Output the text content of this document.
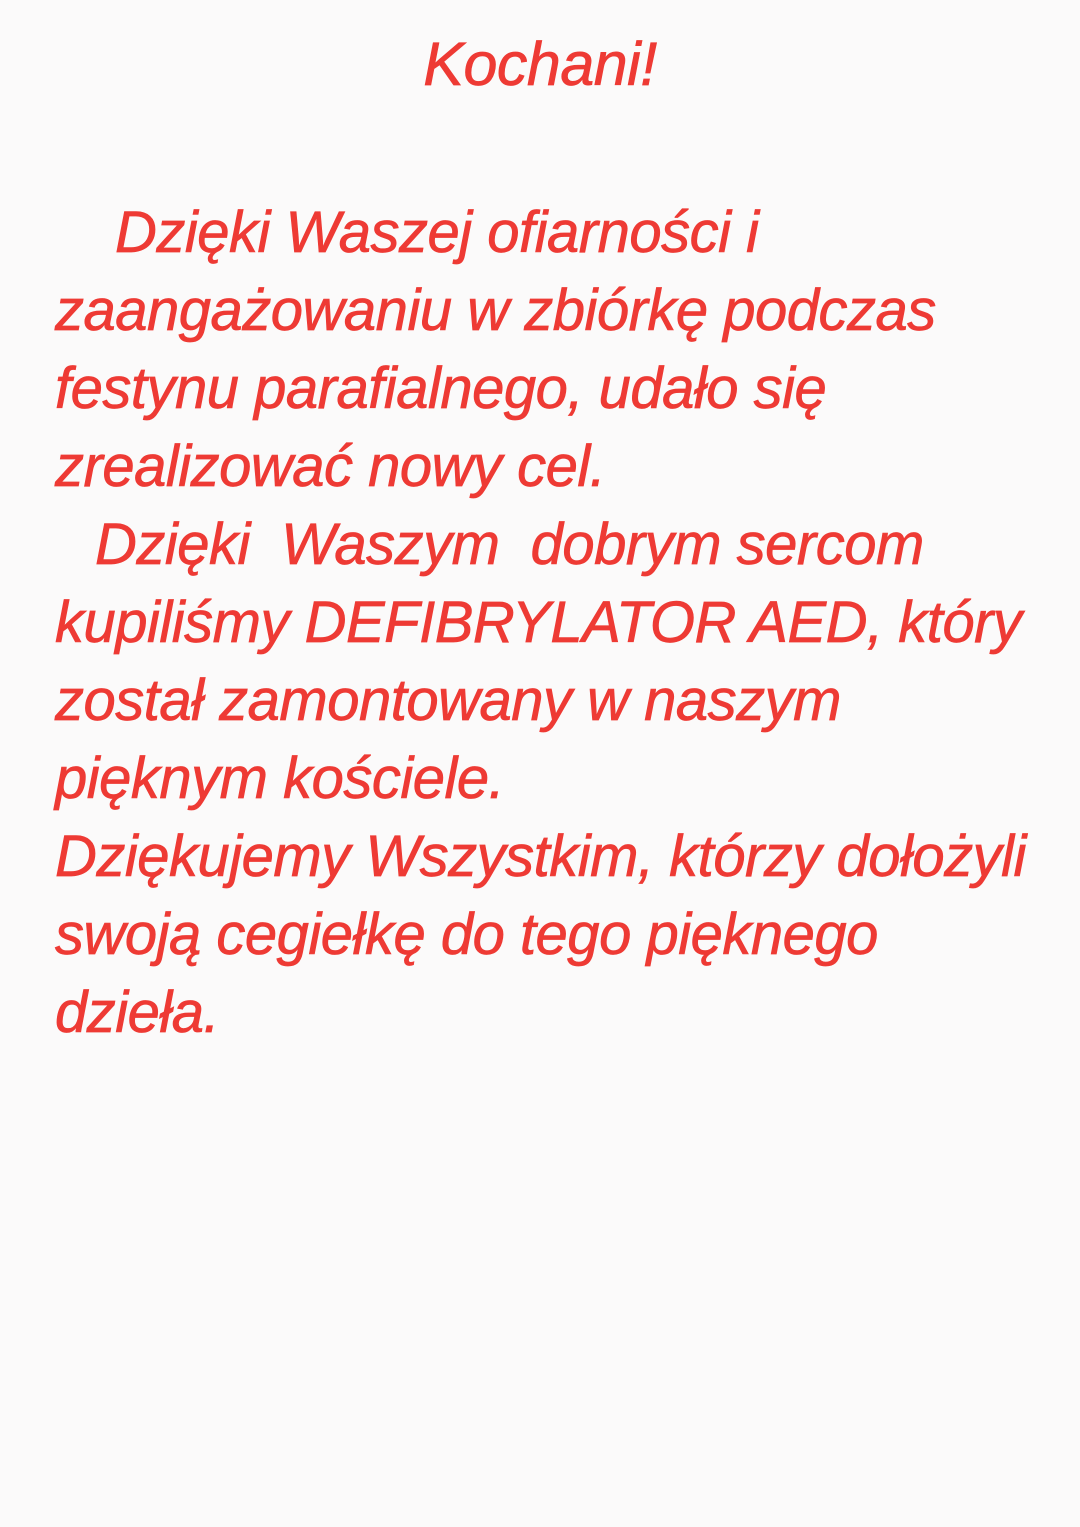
Kochani!
Dzięki Waszej ofiarności i
zaangażowaniu w zbiórkę podczas
festynu parafialnego, udało się
zrealizować nowy cel.
Dzięki  Waszym  dobrym sercom
kupiliśmy DEFIBRYLATOR AED, który
został zamontowany w naszym
pięknym kościele.
Dziękujemy Wszystkim, którzy dołożyli
swoją cegiełkę do tego pięknego
dzieła.
